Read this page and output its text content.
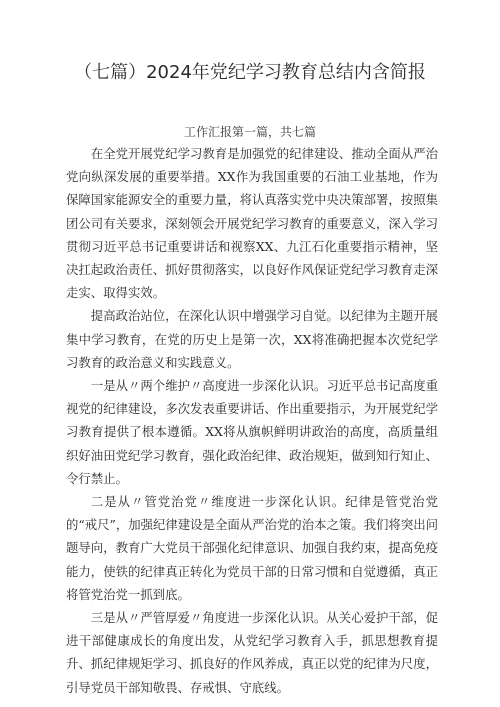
（七篇）2024年党纪学习教育总结内含简报

工作汇报第一篇，共七篇

在全党开展党纪学习教育是加强党的纪律建设、推动全面从严治党向纵深发展的重要举措。XX作为我国重要的石油工业基地，作为保障国家能源安全的重要力量，将认真落实党中央决策部署，按照集团公司有关要求，深刻领会开展党纪学习教育的重要意义，深入学习贯彻习近平总书记重要讲话和视察XX、九江石化重要指示精神，坚决扛起政治责任、抓好贯彻落实，以良好作风保证党纪学习教育走深走实、取得实效。

提高政治站位，在深化认识中增强学习自觉。以纪律为主题开展集中学习教育，在党的历史上是第一次，XX将准确把握本次党纪学习教育的政治意义和实践意义。

一是从〃两个维护〃高度进一步深化认识。习近平总书记高度重视党的纪律建设，多次发表重要讲话、作出重要指示，为开展党纪学习教育提供了根本遵循。XX将从旗帜鲜明讲政治的高度，高质量组织好油田党纪学习教育，强化政治纪律、政治规矩，做到知行知止、令行禁止。

二是从〃管党治党〃维度进一步深化认识。纪律是管党治党的“戒尺”，加强纪律建设是全面从严治党的治本之策。我们将突出问题导向，教育广大党员干部强化纪律意识、加强自我约束，提高免疫能力，使铁的纪律真正转化为党员干部的日常习惯和自觉遵循，真正将管党治党一抓到底。

三是从〃严管厚爱〃角度进一步深化认识。从关心爱护干部，促进干部健康成长的角度出发，从党纪学习教育入手，抓思想教育提升、抓纪律规矩学习、抓良好的作风养成，真正以党的纪律为尺度，引导党员干部知敬畏、存戒惧、守底线。
